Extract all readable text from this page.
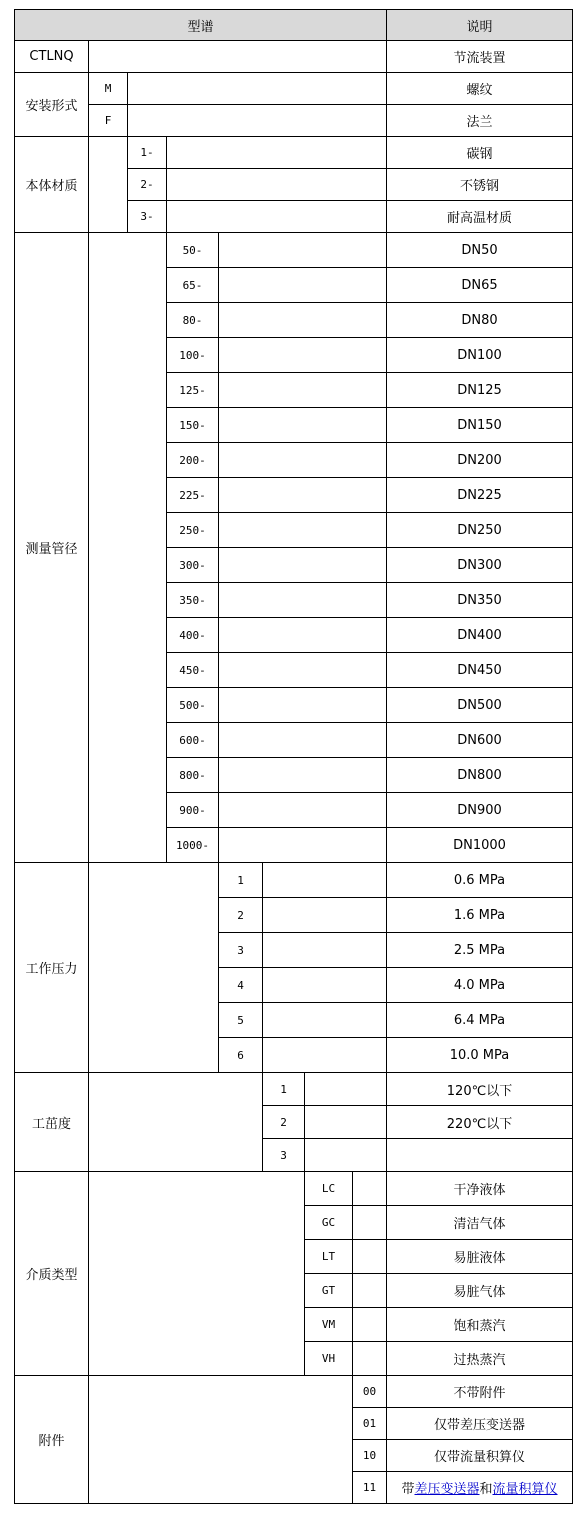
型谱								说明
CTLNQ								节流装置
安装形式	M							螺纹
	F							法兰
本体材质		1-						碳钢
		2-						不锈钢
		3-						耐高温材质
测量管径			50-					DN50
			65-					DN65
			80-					DN80
			100-					DN100
			125-					DN125
			150-					DN150
			200-					DN200
			225-					DN225
			250-					DN250
			300-					DN300
			350-					DN350
			400-					DN400
			450-					DN450
			500-					DN500
			600-					DN600
			800-					DN800
			900-					DN900
			1000-					DN1000
工作压力				1				0.6 MPa
				2				1.6 MPa
				3				2.5 MPa
				4				4.0 MPa
				5				6.4 MPa
				6				10.0 MPa
工茁度					1			120℃以下
					2			220℃以下
					3			
介质类型						LC		干净液体
						GC		清洁气体
						LT		易脏液体
						GT		易脏气体
						VM		饱和蒸汽
						VH		过热蒸汽
附件							00	不带附件
							01	仅带差压变送器
							10	仅带流量积算仪
							11	带差压变送器和流量积算仪
